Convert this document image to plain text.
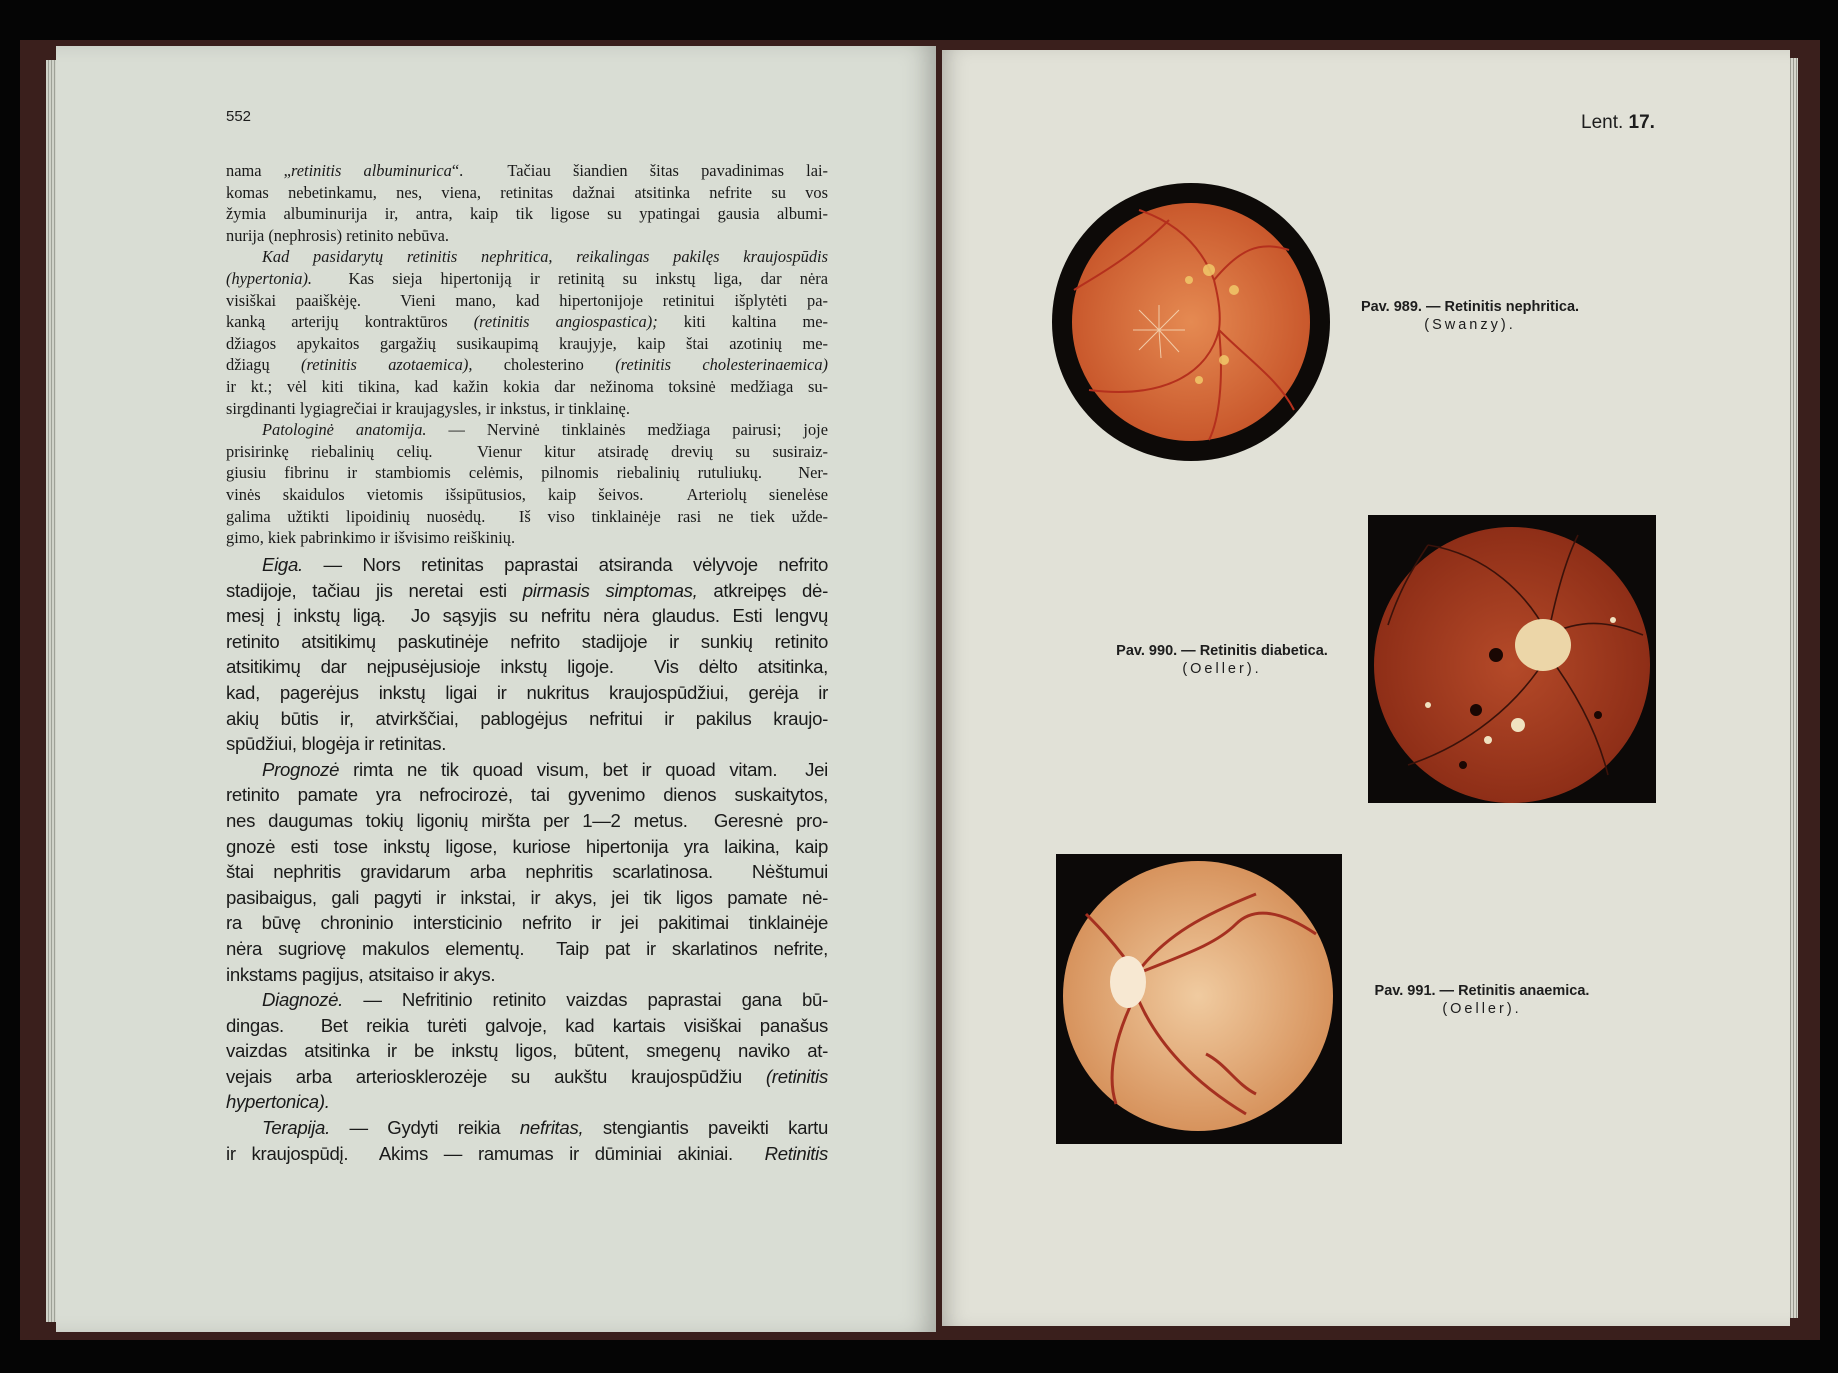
552
nama „retinitis albuminurica“.  Tačiau šiandien šitas pavadinimas lai-
komas nebetinkamu, nes, viena, retinitas dažnai atsitinka nefrite su vos
žymia albuminurija ir, antra, kaip tik ligose su ypatingai gausia albumi-
nurija (nephrosis) retinito nebūva.
Kad pasidarytų retinitis nephritica, reikalingas pakilęs kraujospūdis
(hypertonia).  Kas sieja hipertoniją ir retinitą su inkstų liga, dar nėra
visiškai paaiškėję.  Vieni mano, kad hipertonijoje retinitui išplytėti pa-
kanką arterijų kontraktūros (retinitis angiospastica); kiti kaltina me-
džiagos apykaitos gargažių susikaupimą kraujyje, kaip štai azotinių me-
džiagų (retinitis azotaemica), cholesterino (retinitis cholesterinaemica)
ir kt.; vėl kiti tikina, kad kažin kokia dar nežinoma toksinė medžiaga su-
sirgdinanti lygiagrečiai ir kraujagysles, ir inkstus, ir tinklainę.
Patologinė anatomija. — Nervinė tinklainės medžiaga pairusi; joje
prisirinkę riebalinių celių.  Vienur kitur atsiradę drevių su susiraiz-
giusiu fibrinu ir stambiomis celėmis, pilnomis riebalinių rutuliukų.  Ner-
vinės skaidulos vietomis išsipūtusios, kaip šeivos.  Arteriolų sienelėse
galima užtikti lipoidinių nuosėdų.  Iš viso tinklainėje rasi ne tiek užde-
gimo, kiek pabrinkimo ir išvisimo reiškinių.
Eiga. — Nors retinitas paprastai atsiranda vėlyvoje nefrito
stadijoje, tačiau jis neretai esti pirmasis simptomas, atkreipęs dė-
mesį į inkstų ligą.  Jo sąsyjis su nefritu nėra glaudus. Esti lengvų
retinito atsitikimų paskutinėje nefrito stadijoje ir sunkių retinito
atsitikimų dar neįpusėjusioje inkstų ligoje.  Vis dėlto atsitinka,
kad, pagerėjus inkstų ligai ir nukritus kraujospūdžiui, gerėja ir
akių būtis ir, atvirkščiai, pablogėjus nefritui ir pakilus kraujo-
spūdžiui, blogėja ir retinitas.
Prognozė rimta ne tik quoad visum, bet ir quoad vitam.  Jei
retinito pamate yra nefrocirozė, tai gyvenimo dienos suskaitytos,
nes daugumas tokių ligonių miršta per 1—2 metus.  Geresnė pro-
gnozė esti tose inkstų ligose, kuriose hipertonija yra laikina, kaip
štai nephritis gravidarum arba nephritis scarlatinosa.  Nėštumui
pasibaigus, gali pagyti ir inkstai, ir akys, jei tik ligos pamate nė-
ra būvę chroninio intersticinio nefrito ir jei pakitimai tinklainėje
nėra sugriovę makulos elementų.  Taip pat ir skarlatinos nefrite,
inkstams pagijus, atsitaiso ir akys.
Diagnozė. — Nefritinio retinito vaizdas paprastai gana bū-
dingas.  Bet reikia turėti galvoje, kad kartais visiškai panašus
vaizdas atsitinka ir be inkstų ligos, būtent, smegenų naviko at-
vejais arba arteriosklerozėje su aukštu kraujospūdžiu (retinitis
hypertonica).
Terapija. — Gydyti reikia nefritas, stengiantis paveikti kartu
ir kraujospūdį.  Akims — ramumas ir dūminiai akiniai.  Retinitis
Lent. 17.
Pav. 989. — Retinitis nephritica.
(Swanzy).
Pav. 990. — Retinitis diabetica.
(Oeller).
Pav. 991. — Retinitis anaemica.
(Oeller).
